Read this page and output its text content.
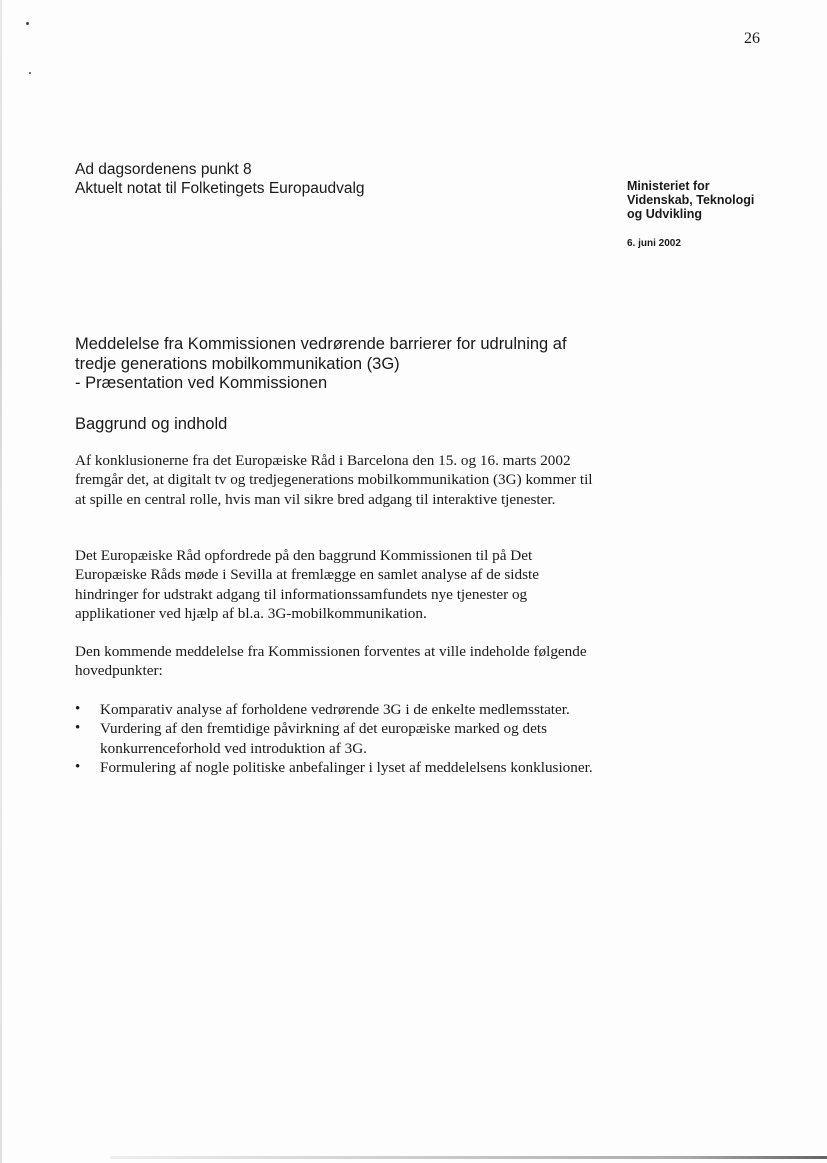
26
Ad dagsordenens punkt 8
Aktuelt notat til Folketingets Europaudvalg	Ministeriet for
Videnskab, Teknologi
og Udvikling
6. juni 2002
Meddelelse fra Kommissionen vedrørende barrierer for udrulning af
tredje generations mobilkommunikation (3G)
- Præsentation ved Kommissionen
Baggrund og indhold

Af konklusionerne fra det Europæiske Råd i Barcelona den 15. og 16. marts 2002 fremgår det, at digitalt tv og tredjegenerations mobilkommunikation (3G) kommer til at spille en central rolle, hvis man vil sikre bred adgang til interaktive tjenester.

Det Europæiske Råd opfordrede på den baggrund Kommissionen til på Det Europæiske Råds møde i Sevilla at fremlægge en samlet analyse af de sidste hindringer for udstrakt adgang til informationssamfundets nye tjenester og applikationer ved hjælp af bl.a. 3G-mobilkommunikation.

Den kommende meddelelse fra Kommissionen forventes at ville indeholde følgende hovedpunkter:

• Komparativ analyse af forholdene vedrørende 3G i de enkelte medlemsstater.
• Vurdering af den fremtidige påvirkning af det europæiske marked og dets konkurrenceforhold ved introduktion af 3G.
• Formulering af nogle politiske anbefalinger i lyset af meddelelsens konklusioner.
